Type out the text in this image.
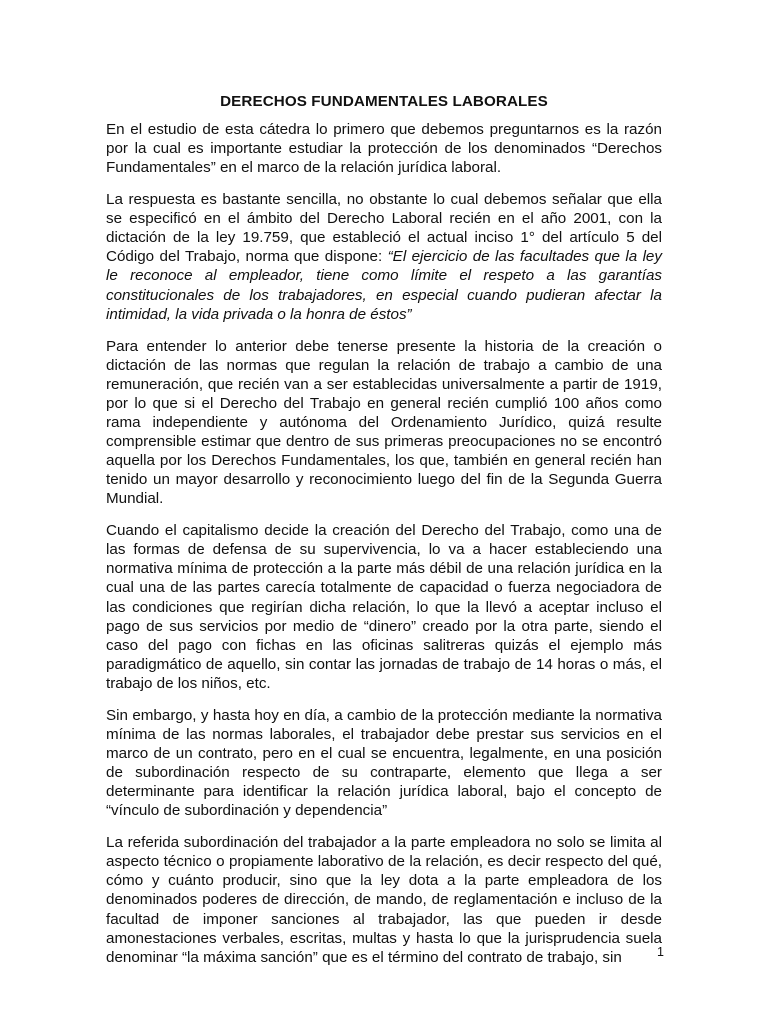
DERECHOS FUNDAMENTALES LABORALES

En el estudio de esta cátedra lo primero que debemos preguntarnos es la razón por la cual es importante estudiar la protección de los denominados “Derechos Fundamentales” en el marco de la relación jurídica laboral.

La respuesta es bastante sencilla, no obstante lo cual debemos señalar que ella se especificó en el ámbito del Derecho Laboral recién en el año 2001, con la dictación de la ley 19.759, que estableció el actual inciso 1° del artículo 5 del Código del Trabajo, norma que dispone: “El ejercicio de las facultades que la ley le reconoce al empleador, tiene como límite el respeto a las garantías constitucionales de los trabajadores, en especial cuando pudieran afectar la intimidad, la vida privada o la honra de éstos”

Para entender lo anterior debe tenerse presente la historia de la creación o dictación de las normas que regulan la relación de trabajo a cambio de una remuneración, que recién van a ser establecidas universalmente a partir de 1919, por lo que si el Derecho del Trabajo en general recién cumplió 100 años como rama independiente y autónoma del Ordenamiento Jurídico, quizá resulte comprensible estimar que dentro de sus primeras preocupaciones no se encontró aquella por los Derechos Fundamentales, los que, también en general recién han tenido un mayor desarrollo y reconocimiento luego del fin de la Segunda Guerra Mundial.

Cuando el capitalismo decide la creación del Derecho del Trabajo, como una de las formas de defensa de su supervivencia, lo va a hacer estableciendo una normativa mínima de protección a la parte más débil de una relación jurídica en la cual una de las partes carecía totalmente de capacidad o fuerza negociadora de las condiciones que regirían dicha relación, lo que la llevó a aceptar incluso el pago de sus servicios por medio de “dinero” creado por la otra parte, siendo el caso del pago con fichas en las oficinas salitreras quizás el ejemplo más paradigmático de aquello, sin contar las jornadas de trabajo de 14 horas o más, el trabajo de los niños, etc.

Sin embargo, y hasta hoy en día, a cambio de la protección mediante la normativa mínima de las normas laborales, el trabajador debe prestar sus servicios en el marco de un contrato, pero en el cual se encuentra, legalmente, en una posición de subordinación respecto de su contraparte, elemento que llega a ser determinante para identificar la relación jurídica laboral, bajo el concepto de “vínculo de subordinación y dependencia”

La referida subordinación del trabajador a la parte empleadora no solo se limita al aspecto técnico o propiamente laborativo de la relación, es decir respecto del qué, cómo y cuánto producir, sino que la ley dota a la parte empleadora de los denominados poderes de dirección, de mando, de reglamentación e incluso de la facultad de imponer sanciones al trabajador, las que pueden ir desde amonestaciones verbales, escritas, multas y hasta lo que la jurisprudencia suela denominar “la máxima sanción” que es el término del contrato de trabajo, sin	1
